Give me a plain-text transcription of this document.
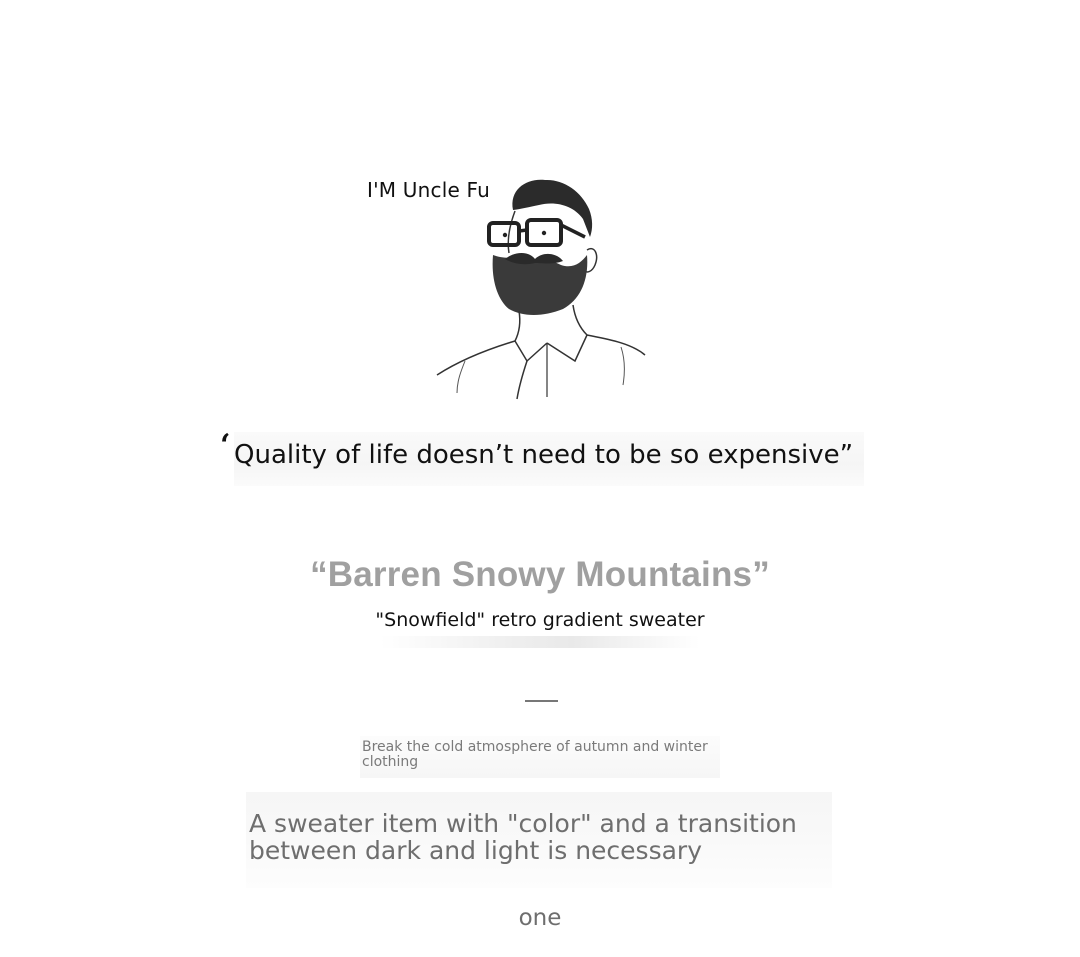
I'M Uncle Fu
‘ Quality of life doesn’t need to be so expensive”
“Barren Snowy Mountains”
"Snowfield" retro gradient sweater
Break the cold atmosphere of autumn and winter clothing
A sweater item with "color" and a transition between dark and light is necessary
one
